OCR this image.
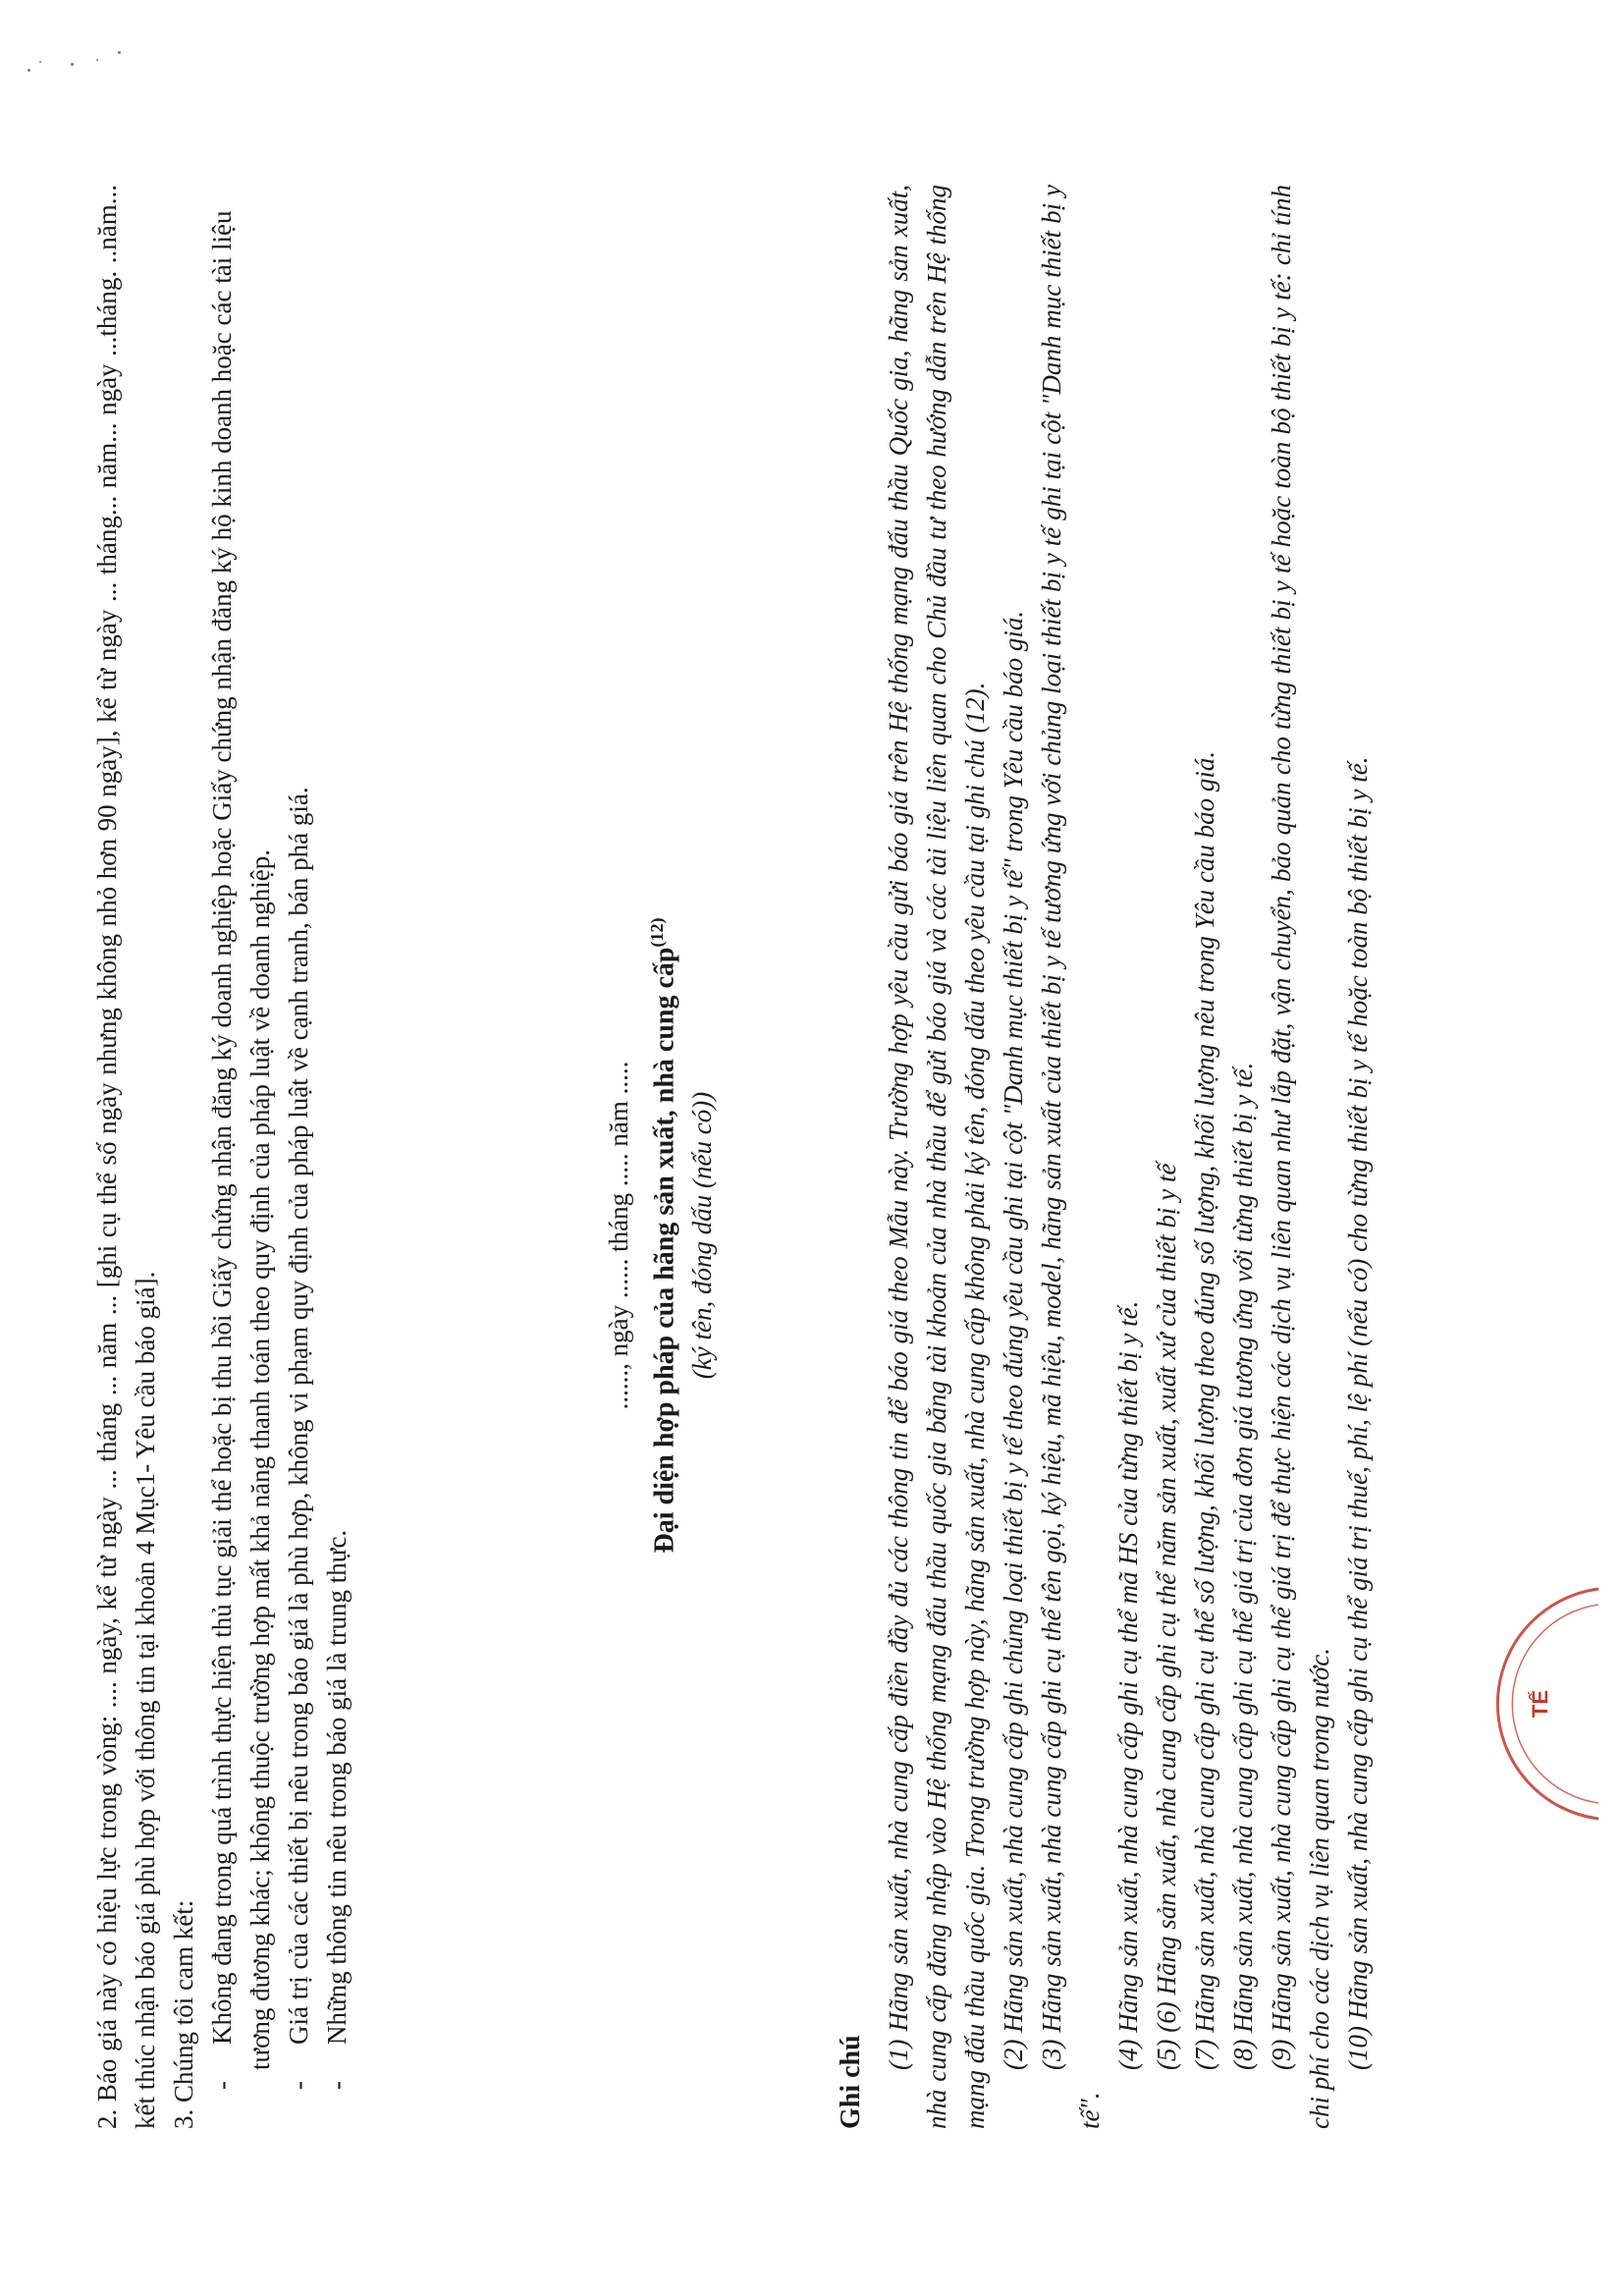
2. Báo giá này có hiệu lực trong vòng: .... ngày, kể từ ngày ... tháng ... năm ... [ghi cụ thể số ngày nhưng không nhỏ hơn 90 ngày], kể từ ngày ... tháng... năm... ngày ...tháng. ..năm... kết thúc nhận báo giá phù hợp với thông tin tại khoản 4 Mục1- Yêu cầu báo giá]. 3. Chúng tôi cam kết: -Không đang trong quá trình thực hiện thủ tục giải thể hoặc bị thu hồi Giấy chứng nhận đăng ký doanh nghiệp hoặc Giấy chứng nhận đăng ký hộ kinh doanh hoặc các tài liệu tương đương khác; không thuộc trường hợp mất khả năng thanh toán theo quy định của pháp luật về doanh nghiệp.

-Giá trị của các thiết bị nêu trong báo giá là phù hợp, không vi phạm quy định của pháp luật về cạnh tranh, bán phá giá.

-Những thông tin nêu trong báo giá là trung thực.

......, ngày ...... tháng ..... năm ..... Đại diện hợp pháp của hãng sản xuất, nhà cung cấp$^{(12)}$

(ký tên, đóng dấu (nếu có))

Ghi chú

(1) Hãng sản xuất, nhà cung cấp điền đầy đủ các thông tin để báo giá theo Mẫu này. Trường hợp yêu cầu gửi báo giá trên Hệ thống mạng đấu thầu Quốc gia, hãng sản xuất, nhà cung cấp đăng nhập vào Hệ thống mạng đấu thầu quốc gia bằng tài khoản của nhà thầu để gửi báo giá và các tài liệu liên quan cho Chủ đầu tư theo hướng dẫn trên Hệ thống mạng đấu thầu quốc gia. Trong trường hợp này, hãng sản xuất, nhà cung cấp không phải ký tên, đóng dấu theo yêu cầu tại ghi chú (12). (2) Hãng sản xuất, nhà cung cấp ghi chủng loại thiết bị y tế theo đúng yêu cầu ghi tại cột "Danh mục thiết bị y tế" trong Yêu cầu báo giá. (3) Hãng sản xuất, nhà cung cấp ghi cụ thể tên gọi, ký hiệu, mã hiệu, model, hãng sản xuất của thiết bị y tế tương ứng với chủng loại thiết bị y tế ghi tại cột "Danh mục thiết bị y tế".

(4) Hãng sản xuất, nhà cung cấp ghi cụ thể mã HS của từng thiết bị y tế. (5) (6) Hãng sản xuất, nhà cung cấp ghi cụ thể năm sản xuất, xuất xứ của thiết bị y tế (7) Hãng sản xuất, nhà cung cấp ghi cụ thể số lượng, khối lượng theo đúng số lượng, khối lượng nêu trong Yêu cầu báo giá. (8) Hãng sản xuất, nhà cung cấp ghi cụ thể giá trị của đơn giá tương ứng với từng thiết bị y tế. (9) Hãng sản xuất, nhà cung cấp ghi cụ thể giá trị để thực hiện các dịch vụ liên quan như lắp đặt, vận chuyển, bảo quản cho từng thiết bị y tế hoặc toàn bộ thiết bị y tế: chỉ tính chi phí cho các dịch vụ liên quan trong nước. (10) Hãng sản xuất, nhà cung cấp ghi cụ thể giá trị thuế, phí, lệ phí (nếu có) cho từng thiết bị y tế hoặc toàn bộ thiết bị y tế.	TẾ
